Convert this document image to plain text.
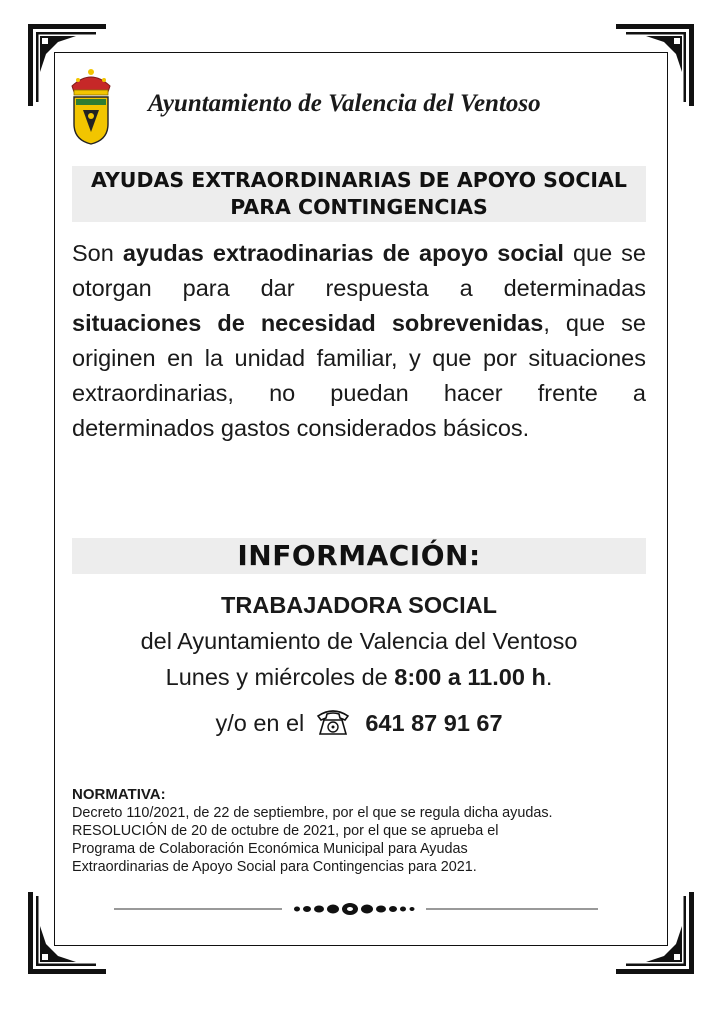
Ayuntamiento de Valencia del Ventoso
AYUDAS EXTRAORDINARIAS DE APOYO SOCIAL PARA CONTINGENCIAS
Son ayudas extraodinarias de apoyo social que se otorgan para dar respuesta a determinadas situaciones de necesidad sobrevenidas, que se originen en la unidad familiar, y que por situaciones extraordinarias, no puedan hacer frente a determinados gastos considerados básicos.
INFORMACIÓN:
TRABAJADORA SOCIAL
del Ayuntamiento de Valencia del Ventoso
Lunes y miércoles de 8:00 a 11.00 h.
y/o en el	641 87 91 67
NORMATIVA:
Decreto 110/2021, de 22 de septiembre, por el que se regula dicha ayudas.
RESOLUCIÓN de 20 de octubre de 2021, por el que se aprueba el
Programa de Colaboración Económica Municipal para Ayudas
Extraordinarias de Apoyo Social para Contingencias para 2021.
